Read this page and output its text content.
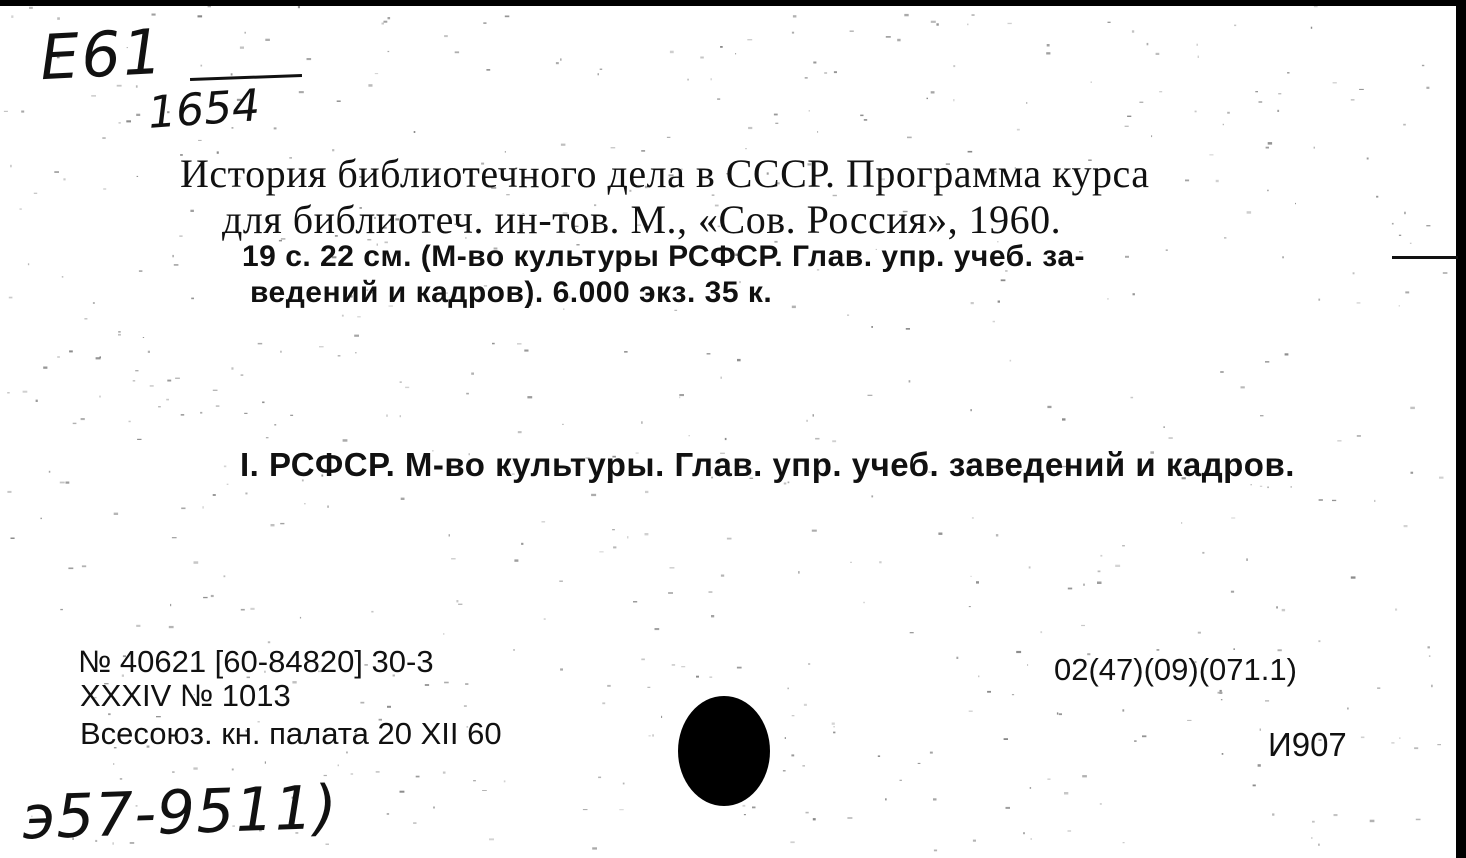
Е61
1654
История библиотечного дела в СССР. Программа курса
для библиотеч. ин-тов. М., «Сов. Россия», 1960.
19 с. 22 см. (М-во культуры РСФСР. Глав. упр. учеб. за-
ведений и кадров). 6.000 экз. 35 к.
I. РСФСР. М-во культуры. Глав. упр. учеб. заведений и кадров.
№ 40621 [60-84820] 30-3
XXXIV № 1013
Всесоюз. кн. палата 20 XII 60
02(47)(09)(071.1)
И907
э57-9511)
